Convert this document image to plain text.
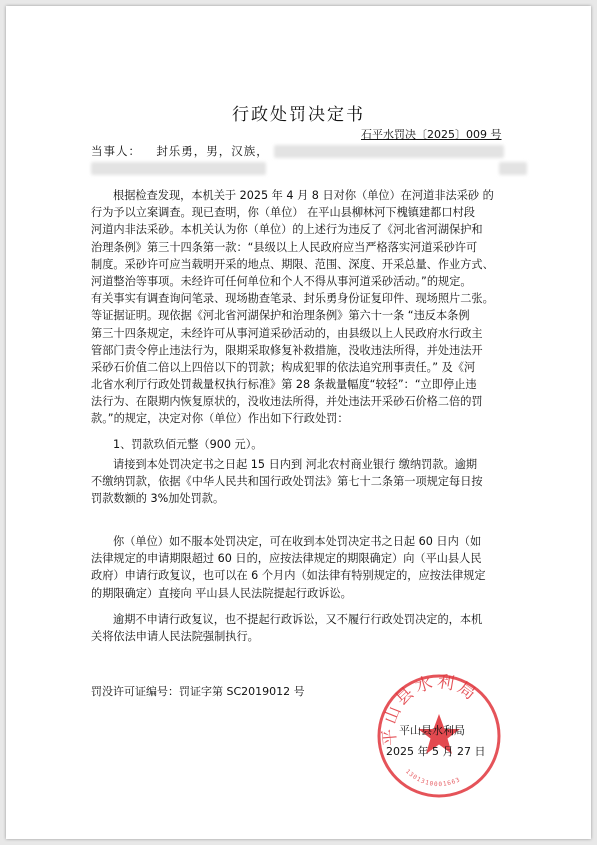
行政处罚决定书
石平水罚决〔2025〕009 号
当事人： 封乐勇，男，汉族，
根据检查发现，本机关于 2025 年 4 月 8 日对你（单位）在河道非法采砂 的
行为予以立案调查。现已查明，你（单位） 在平山县柳林河下槐镇建都口村段
河道内非法采砂。本机关认为你（单位）的上述行为违反了《河北省河湖保护和
治理条例》第三十四条第一款：“县级以上人民政府应当严格落实河道采砂许可
制度。采砂许可应当载明开采的地点、期限、范围、深度、开采总量、作业方式、
河道整治等事项。未经许可任何单位和个人不得从事河道采砂活动。”的规定。
有关事实有调查询问笔录、现场勘查笔录、封乐勇身份证复印件、现场照片二张。
等证据证明。现依据《河北省河湖保护和治理条例》第六十一条 “违反本条例
第三十四条规定，未经许可从事河道采砂活动的，由县级以上人民政府水行政主
管部门责令停止违法行为，限期采取修复补救措施，没收违法所得，并处违法开
采砂石价值二倍以上四倍以下的罚款；构成犯罪的依法追究刑事责任。” 及《河
北省水利厅行政处罚裁量权执行标准》第 28 条裁量幅度“较轻”：“立即停止违
法行为、在限期内恢复原状的，没收违法所得，并处违法开采砂石价格二倍的罚
款。”的规定，决定对你（单位）作出如下行政处罚：
1、罚款玖佰元整（900 元）。
请接到本处罚决定书之日起 15 日内到 河北农村商业银行 缴纳罚款。逾期
不缴纳罚款，依据《中华人民共和国行政处罚法》第七十二条第一项规定每日按
罚款数额的 3%加处罚款。
你（单位）如不服本处罚决定，可在收到本处罚决定书之日起 60 日内（如
法律规定的申请期限超过 60 日的，应按法律规定的期限确定）向（平山县人民
政府）申请行政复议，也可以在 6 个月内（如法律有特别规定的，应按法律规定
的期限确定）直接向 平山县人民法院提起行政诉讼。
逾期不申请行政复议，也不提起行政诉讼，又不履行行政处罚决定的，本机
关将依法申请人民法院强制执行。
罚没许可证编号：罚证字第 SC2019012 号
平山县水利局
1301310001663
平山县水利局
2025 年 5 月 27 日
